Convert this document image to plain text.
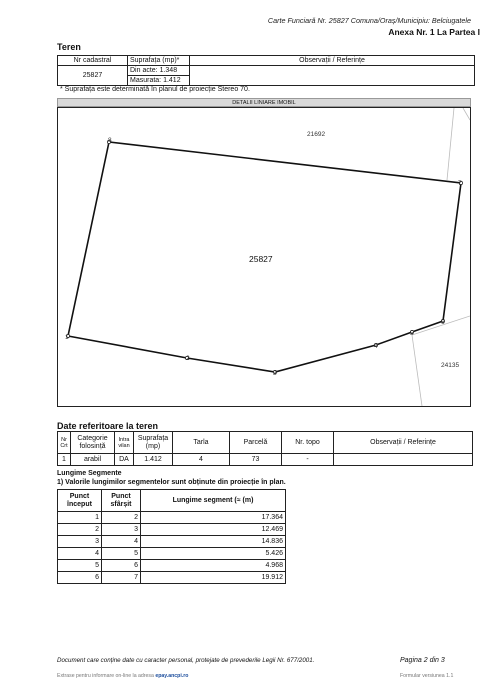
Carte Funciară Nr. 25827 Comuna/Oraș/Municipiu: Belciugatele
Anexa Nr. 1 La Partea I
Teren
Nr cadastral	Suprafața (mp)*	Observații / Referințe
25827	Din acte: 1.348	
	Masurata: 1.412	
* Suprafața este determinată în planul de proiecție Stereo 70.
DETALII LINIARE IMOBIL
1
2
3
4
5
6
7
8
25827
21692
24135
Date referitoare la teren
Nr Crt	Categorie folosință	Intra vilan	Suprafața (mp)	Tarla	Parcelă	Nr. topo	Observații / Referințe
1	arabil	DA	1.412	4	73	-	
Lungime Segmente
1) Valorile lungimilor segmentelor sunt obținute din proiecție în plan.
Punct început	Punct sfârșit	Lungime segment (≈ (m)
1	2	17.364
2	3	12.469
3	4	14.836
4	5	5.426
5	6	4.968
6	7	19.912
Document care conține date cu caracter personal, protejate de prevederile Legii Nr. 677/2001.	Pagina 2 din 3
Extrase pentru informare on-line la adresa epay.ancpi.ro	Formular versiunea 1.1
